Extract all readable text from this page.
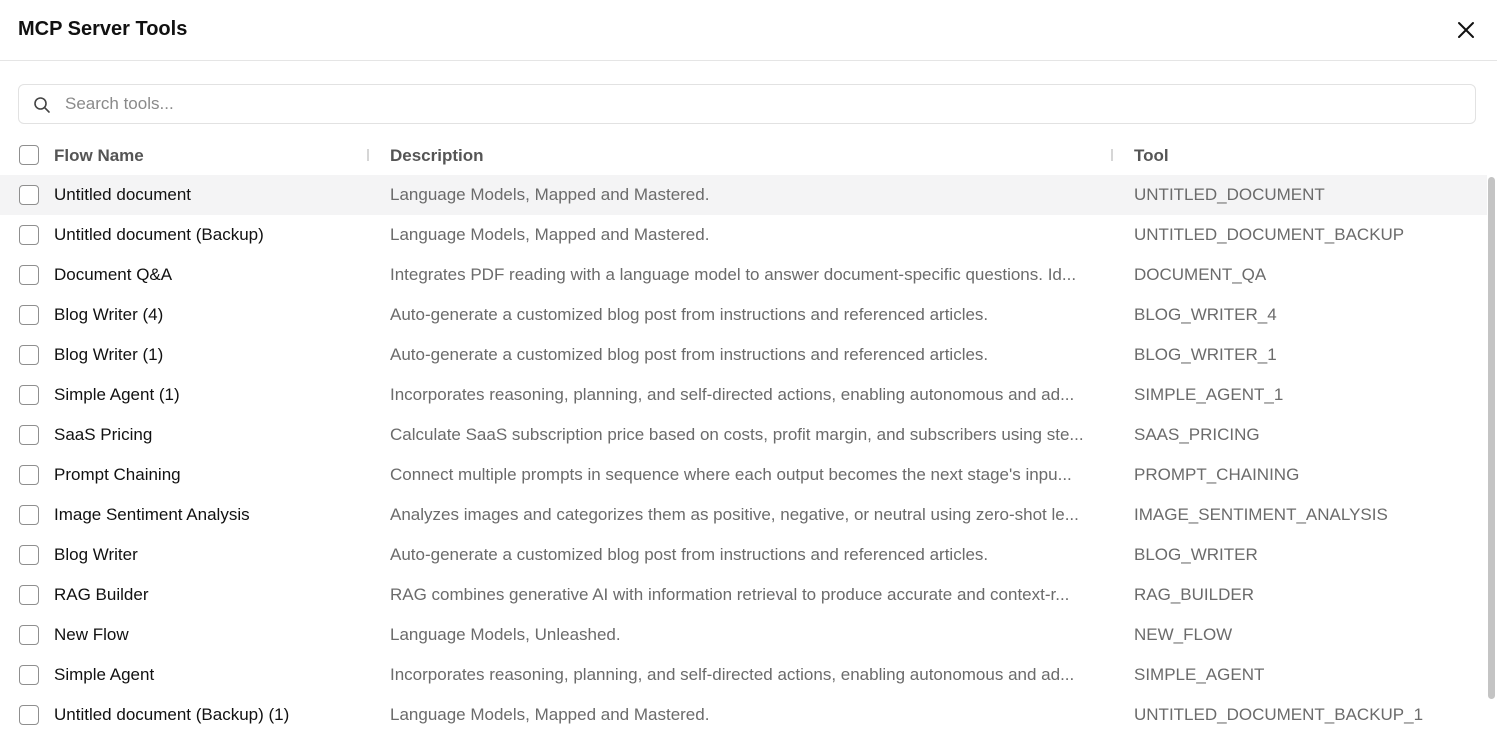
MCP Server Tools
Search tools...
Flow Name	Description	Tool
Untitled document	Language Models, Mapped and Mastered.	UNTITLED_DOCUMENT
Untitled document (Backup)	Language Models, Mapped and Mastered.	UNTITLED_DOCUMENT_BACKUP
Document Q&A	Integrates PDF reading with a language model to answer document-specific questions. Id...	DOCUMENT_QA
Blog Writer (4)	Auto-generate a customized blog post from instructions and referenced articles.	BLOG_WRITER_4
Blog Writer (1)	Auto-generate a customized blog post from instructions and referenced articles.	BLOG_WRITER_1
Simple Agent (1)	Incorporates reasoning, planning, and self-directed actions, enabling autonomous and ad...	SIMPLE_AGENT_1
SaaS Pricing	Calculate SaaS subscription price based on costs, profit margin, and subscribers using ste...	SAAS_PRICING
Prompt Chaining	Connect multiple prompts in sequence where each output becomes the next stage's inpu...	PROMPT_CHAINING
Image Sentiment Analysis	Analyzes images and categorizes them as positive, negative, or neutral using zero-shot le...	IMAGE_SENTIMENT_ANALYSIS
Blog Writer	Auto-generate a customized blog post from instructions and referenced articles.	BLOG_WRITER
RAG Builder	RAG combines generative AI with information retrieval to produce accurate and context-r...	RAG_BUILDER
New Flow	Language Models, Unleashed.	NEW_FLOW
Simple Agent	Incorporates reasoning, planning, and self-directed actions, enabling autonomous and ad...	SIMPLE_AGENT
Untitled document (Backup) (1)	Language Models, Mapped and Mastered.	UNTITLED_DOCUMENT_BACKUP_1
